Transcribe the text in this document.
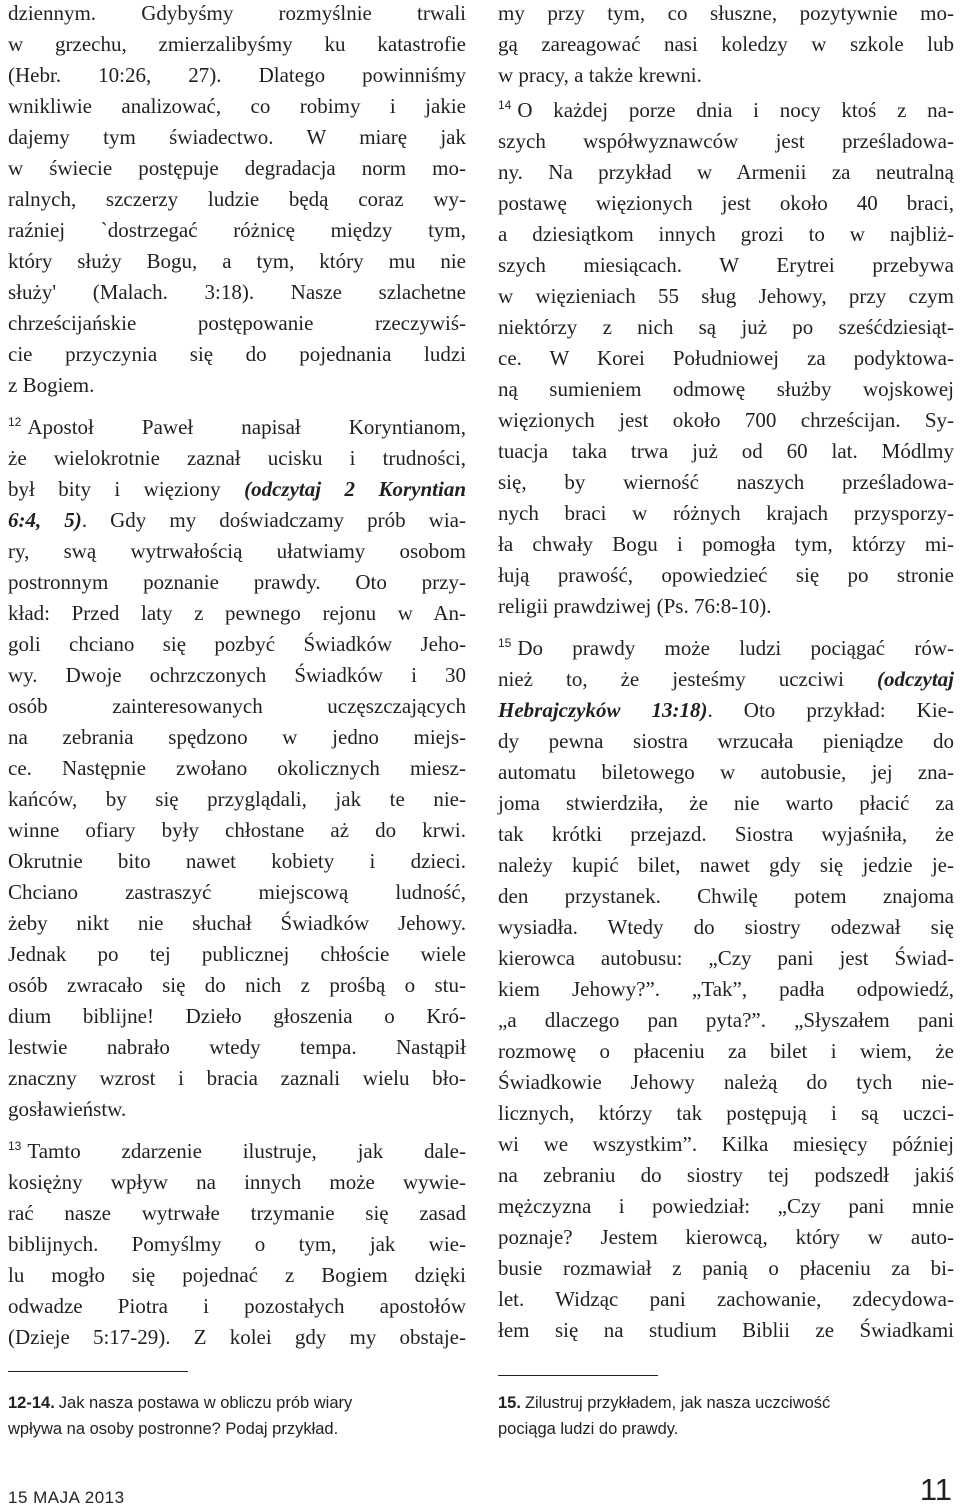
dziennym. Gdybyśmy rozmyślnie trwali
w grzechu, zmierzalibyśmy ku katastrofie
(Hebr. 10:26, 27). Dlatego powinniśmy
wnikliwie analizować, co robimy i jakie
dajemy tym świadectwo. W miarę jak
w świecie postępuje degradacja norm mo-
ralnych, szczerzy ludzie będą coraz wy-
raźniej `dostrzegać różnicę między tym,
który służy Bogu, a tym, który mu nie
służy' (Malach. 3:18). Nasze szlachetne
chrześcijańskie postępowanie rzeczywiś-
cie przyczynia się do pojednania ludzi
z Bogiem.
$^{12}$ Apostoł Paweł napisał Koryntianom,
że wielokrotnie zaznał ucisku i trudności,
był bity i więziony (odczytaj 2 Koryntian
6:4, 5). Gdy my doświadczamy prób wia-
ry, swą wytrwałością ułatwiamy osobom
postronnym poznanie prawdy. Oto przy-
kład: Przed laty z pewnego rejonu w An-
goli chciano się pozbyć Świadków Jeho-
wy. Dwoje ochrzczonych Świadków i 30
osób zainteresowanych uczęszczających
na zebrania spędzono w jedno miejs-
ce. Następnie zwołano okolicznych miesz-
kańców, by się przyglądali, jak te nie-
winne ofiary były chłostane aż do krwi.
Okrutnie bito nawet kobiety i dzieci.
Chciano zastraszyć miejscową ludność,
żeby nikt nie słuchał Świadków Jehowy.
Jednak po tej publicznej chłoście wiele
osób zwracało się do nich z prośbą o stu-
dium biblijne! Dzieło głoszenia o Kró-
lestwie nabrało wtedy tempa. Nastąpił
znaczny wzrost i bracia zaznali wielu bło-
gosławieństw.
$^{13}$ Tamto zdarzenie ilustruje, jak dale-
kosiężny wpływ na innych może wywie-
rać nasze wytrwałe trzymanie się zasad
biblijnych. Pomyślmy o tym, jak wie-
lu mogło się pojednać z Bogiem dzięki
odwadze Piotra i pozostałych apostołów
(Dzieje 5:17-29). Z kolei gdy my obstaje-
12-14. Jak nasza postawa w obliczu prób wiary
wpływa na osoby postronne? Podaj przykład.
my przy tym, co słuszne, pozytywnie mo-
gą zareagować nasi koledzy w szkole lub
w pracy, a także krewni.
$^{14}$ O każdej porze dnia i nocy ktoś z na-
szych współwyznawców jest prześladowa-
ny. Na przykład w Armenii za neutralną
postawę więzionych jest około 40 braci,
a dziesiątkom innych grozi to w najbliż-
szych miesiącach. W Erytrei przebywa
w więzieniach 55 sług Jehowy, przy czym
niektórzy z nich są już po sześćdziesiąt-
ce. W Korei Południowej za podyktowa-
ną sumieniem odmowę służby wojskowej
więzionych jest około 700 chrześcijan. Sy-
tuacja taka trwa już od 60 lat. Módlmy
się, by wierność naszych prześladowa-
nych braci w różnych krajach przysporzy-
ła chwały Bogu i pomogła tym, którzy mi-
łują prawość, opowiedzieć się po stronie
religii prawdziwej (Ps. 76:8-10).
$^{15}$ Do prawdy może ludzi pociągać rów-
nież to, że jesteśmy uczciwi (odczytaj
Hebrajczyków 13:18). Oto przykład: Kie-
dy pewna siostra wrzucała pieniądze do
automatu biletowego w autobusie, jej zna-
joma stwierdziła, że nie warto płacić za
tak krótki przejazd. Siostra wyjaśniła, że
należy kupić bilet, nawet gdy się jedzie je-
den przystanek. Chwilę potem znajoma
wysiadła. Wtedy do siostry odezwał się
kierowca autobusu: „Czy pani jest Świad-
kiem Jehowy?”. „Tak”, padła odpowiedź,
„a dlaczego pan pyta?”. „Słyszałem pani
rozmowę o płaceniu za bilet i wiem, że
Świadkowie Jehowy należą do tych nie-
licznych, którzy tak postępują i są uczci-
wi we wszystkim”. Kilka miesięcy później
na zebraniu do siostry tej podszedł jakiś
mężczyzna i powiedział: „Czy pani mnie
poznaje? Jestem kierowcą, który w auto-
busie rozmawiał z panią o płaceniu za bi-
let. Widząc pani zachowanie, zdecydowa-
łem się na studium Biblii ze Świadkami
15. Zilustruj przykładem, jak nasza uczciwość
pociąga ludzi do prawdy.
15 MAJA 2013	11
